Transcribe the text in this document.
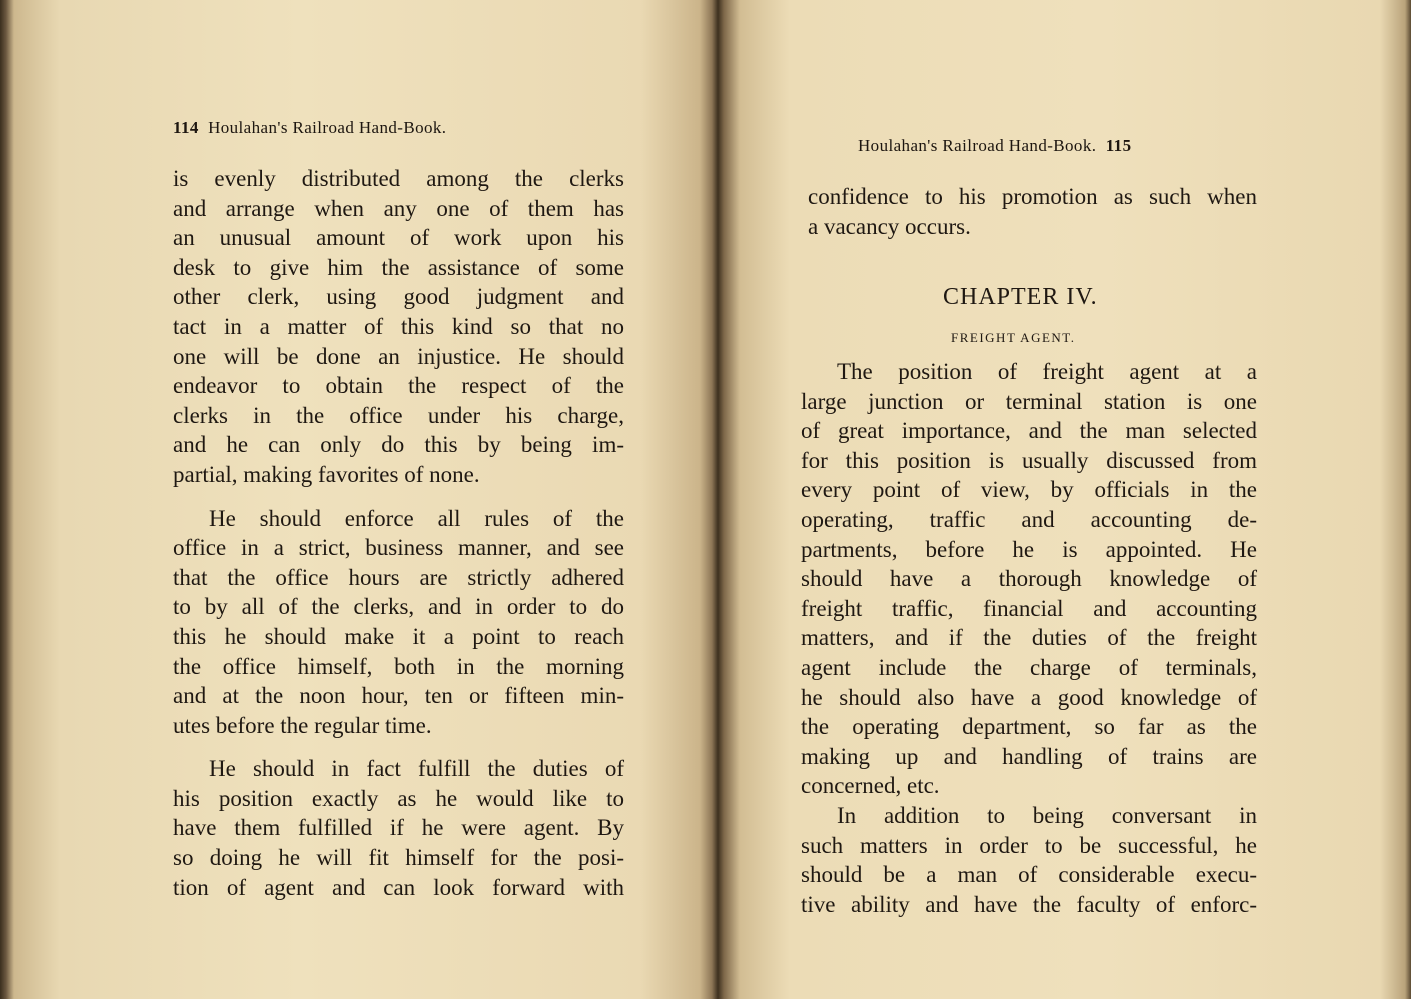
114 Houlahan's Railroad Hand-Book.
is evenly distributed among the clerks
and arrange when any one of them has
an unusual amount of work upon his
desk to give him the assistance of some
other clerk, using good judgment and
tact in a matter of this kind so that no
one will be done an injustice. He should
endeavor to obtain the respect of the
clerks in the office under his charge,
and he can only do this by being im-
partial, making favorites of none.
He should enforce all rules of the
office in a strict, business manner, and see
that the office hours are strictly adhered
to by all of the clerks, and in order to do
this he should make it a point to reach
the office himself, both in the morning
and at the noon hour, ten or fifteen min-
utes before the regular time.
He should in fact fulfill the duties of
his position exactly as he would like to
have them fulfilled if he were agent. By
so doing he will fit himself for the posi-
tion of agent and can look forward with
Houlahan's Railroad Hand-Book. 115
confidence to his promotion as such when
a vacancy occurs.
CHAPTER IV.
FREIGHT AGENT.
The position of freight agent at a
large junction or terminal station is one
of great importance, and the man selected
for this position is usually discussed from
every point of view, by officials in the
operating, traffic and accounting de-
partments, before he is appointed. He
should have a thorough knowledge of
freight traffic, financial and accounting
matters, and if the duties of the freight
agent include the charge of terminals,
he should also have a good knowledge of
the operating department, so far as the
making up and handling of trains are
concerned, etc.
In addition to being conversant in
such matters in order to be successful, he
should be a man of considerable execu-
tive ability and have the faculty of enforc-
